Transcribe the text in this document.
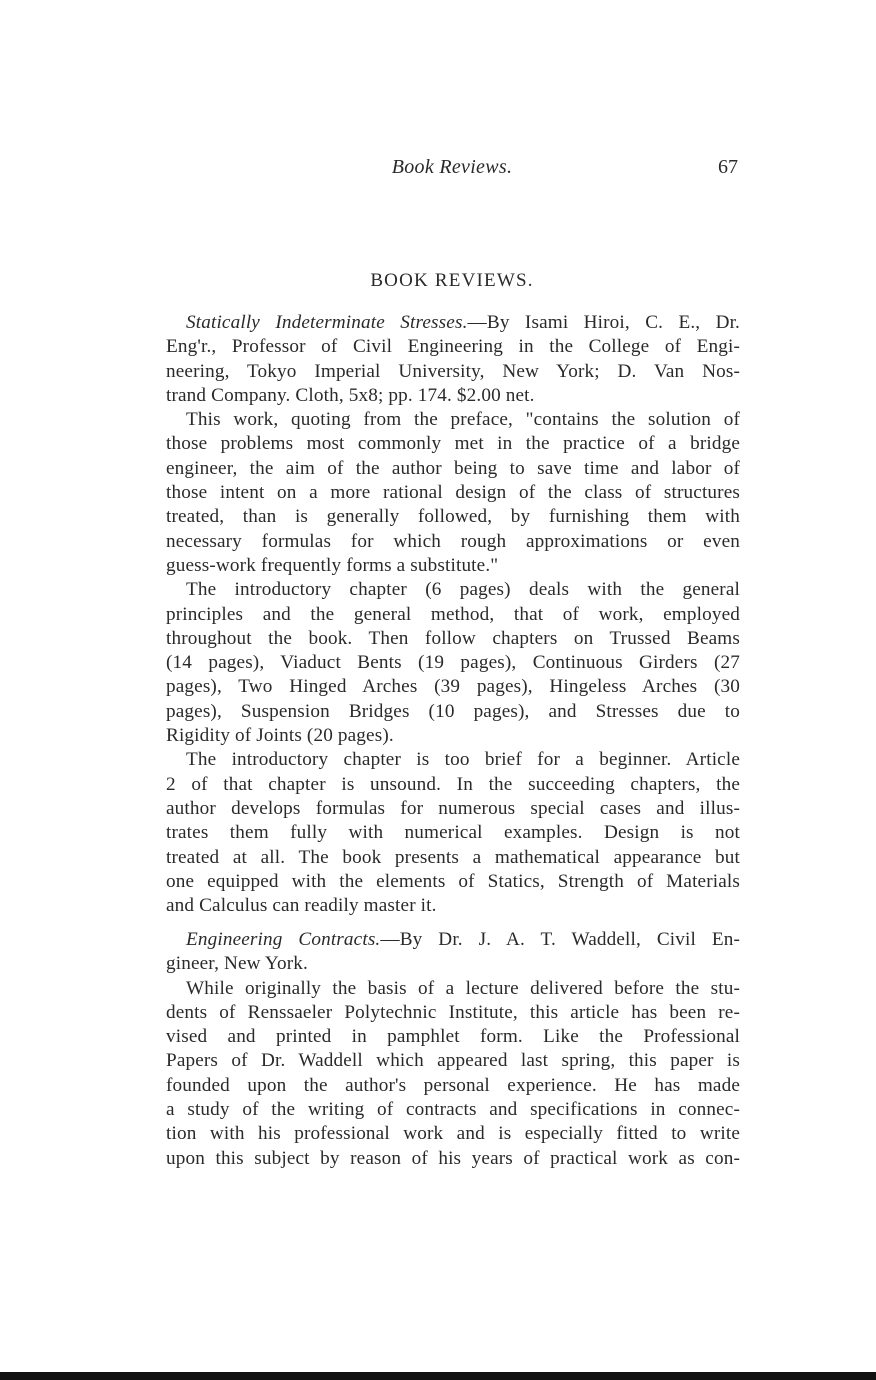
Book Reviews.	67
BOOK REVIEWS.
Statically Indeterminate Stresses.—By Isami Hiroi, C. E., Dr.
Eng'r., Professor of Civil Engineering in the College of Engi-
neering, Tokyo Imperial University, New York; D. Van Nos-
trand Company. Cloth, 5x8; pp. 174. $2.00 net.
This work, quoting from the preface, "contains the solution of
those problems most commonly met in the practice of a bridge
engineer, the aim of the author being to save time and labor of
those intent on a more rational design of the class of structures
treated, than is generally followed, by furnishing them with
necessary formulas for which rough approximations or even
guess-work frequently forms a substitute."
The introductory chapter (6 pages) deals with the general
principles and the general method, that of work, employed
throughout the book. Then follow chapters on Trussed Beams
(14 pages), Viaduct Bents (19 pages), Continuous Girders (27
pages), Two Hinged Arches (39 pages), Hingeless Arches (30
pages), Suspension Bridges (10 pages), and Stresses due to
Rigidity of Joints (20 pages).
The introductory chapter is too brief for a beginner. Article
2 of that chapter is unsound. In the succeeding chapters, the
author develops formulas for numerous special cases and illus-
trates them fully with numerical examples. Design is not
treated at all. The book presents a mathematical appearance but
one equipped with the elements of Statics, Strength of Materials
and Calculus can readily master it.
Engineering Contracts.—By Dr. J. A. T. Waddell, Civil En-
gineer, New York.
While originally the basis of a lecture delivered before the stu-
dents of Renssaeler Polytechnic Institute, this article has been re-
vised and printed in pamphlet form. Like the Professional
Papers of Dr. Waddell which appeared last spring, this paper is
founded upon the author's personal experience. He has made
a study of the writing of contracts and specifications in connec-
tion with his professional work and is especially fitted to write
upon this subject by reason of his years of practical work as con-
